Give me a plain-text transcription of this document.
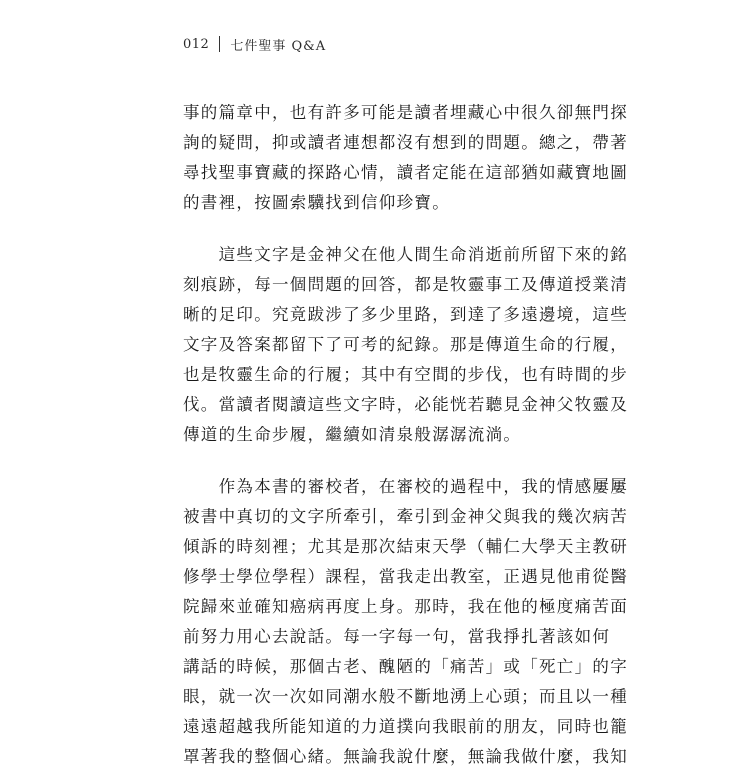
012 七件聖事 Q&A
事的篇章中，也有許多可能是讀者埋藏心中很久卻無門探
詢的疑問，抑或讀者連想都沒有想到的問題。總之，帶著
尋找聖事寶藏的探路心情，讀者定能在這部猶如藏寶地圖
的書裡，按圖索驥找到信仰珍寶。
　　這些文字是金神父在他人間生命消逝前所留下來的銘
刻痕跡，每一個問題的回答，都是牧靈事工及傳道授業清
晰的足印。究竟跋涉了多少里路，到達了多遠邊境，這些
文字及答案都留下了可考的紀錄。那是傳道生命的行履，
也是牧靈生命的行履；其中有空間的步伐，也有時間的步
伐。當讀者閱讀這些文字時，必能恍若聽見金神父牧靈及
傳道的生命步履，繼續如清泉般潺潺流淌。
　　作為本書的審校者，在審校的過程中，我的情感屢屢
被書中真切的文字所牽引，牽引到金神父與我的幾次病苦
傾訴的時刻裡；尤其是那次結束天學（輔仁大學天主教研
修學士學位學程）課程，當我走出教室，正遇見他甫從醫
院歸來並確知癌病再度上身。那時，我在他的極度痛苦面
前努力用心去說話。每一字每一句，當我掙扎著該如何
講話的時候，那個古老、醜陋的「痛苦」或「死亡」的字
眼，就一次一次如同潮水般不斷地湧上心頭；而且以一種
遠遠超越我所能知道的力道撲向我眼前的朋友，同時也籠
罩著我的整個心緒。無論我說什麼，無論我做什麼，我知
